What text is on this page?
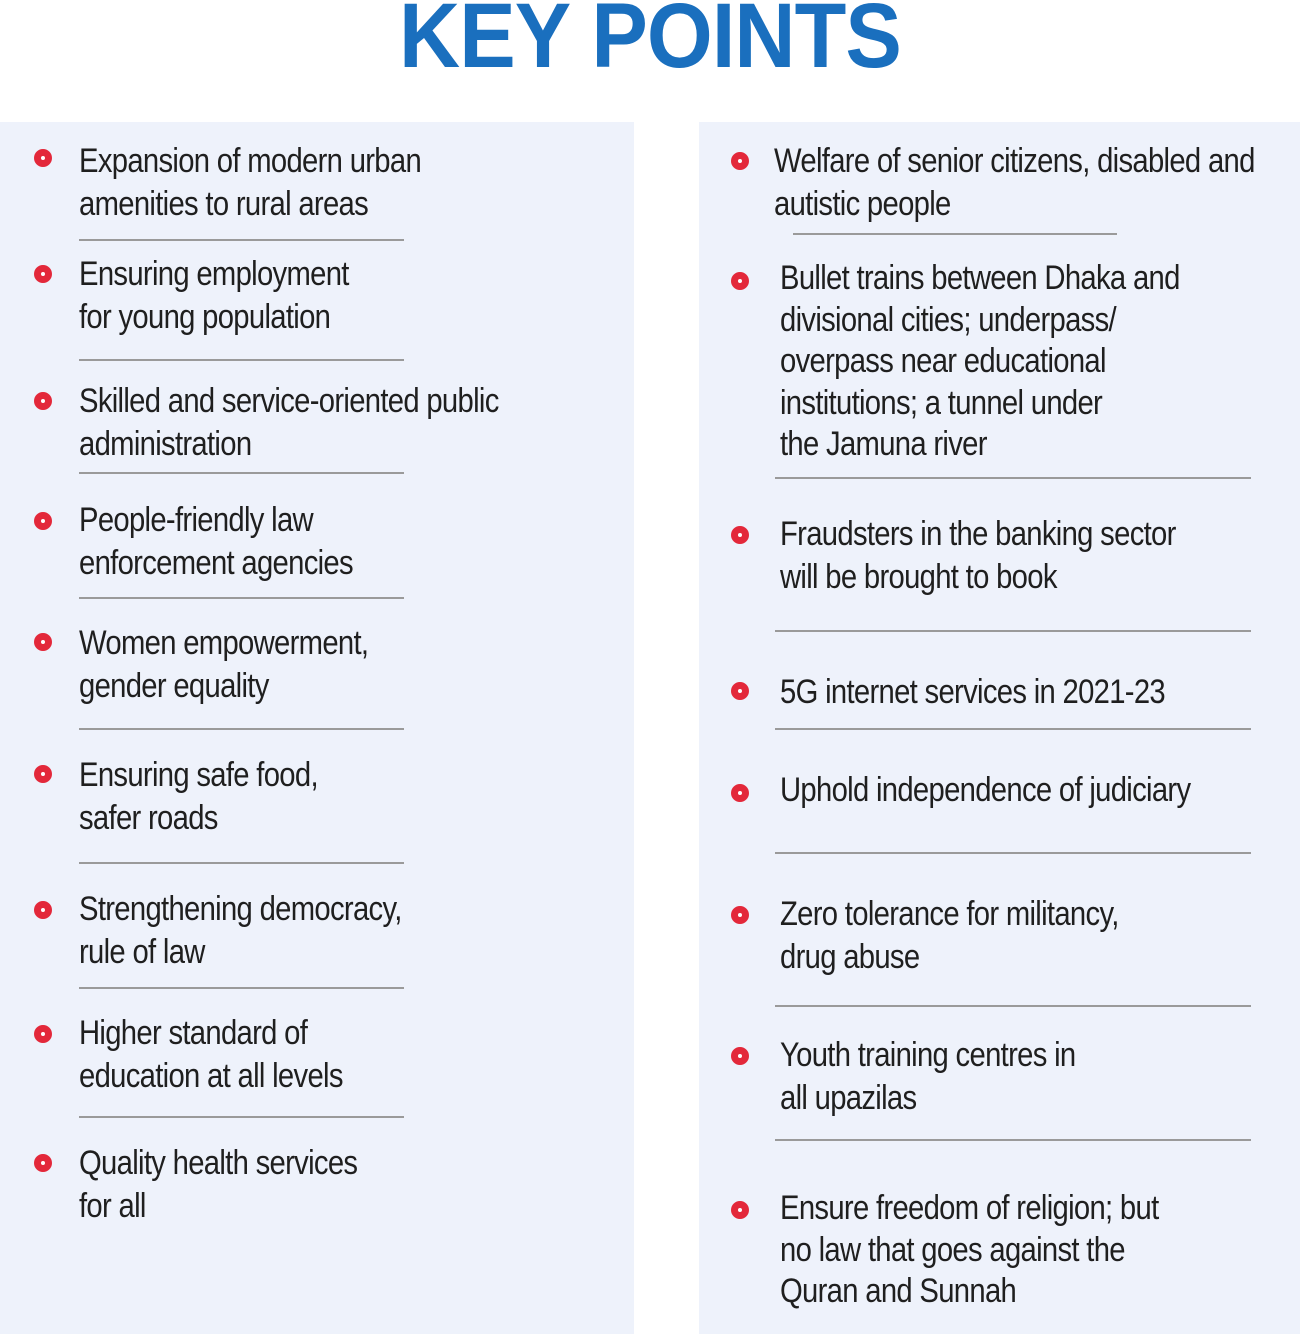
KEY POINTS

Expansion of modern urban
amenities to rural areas

Ensuring employment
for young population

Skilled and service-oriented public
administration

People-friendly law
enforcement agencies

Women empowerment,
gender equality

Ensuring safe food,
safer roads

Strengthening democracy,
rule of law

Higher standard of
education at all levels

Quality health services
for all

Welfare of senior citizens, disabled and
autistic people

Bullet trains between Dhaka and
divisional cities; underpass/
overpass near educational
institutions; a tunnel under
the Jamuna river

Fraudsters in the banking sector
will be brought to book

5G internet services in 2021-23

Uphold independence of judiciary

Zero tolerance for militancy,
drug abuse

Youth training centres in
all upazilas

Ensure freedom of religion; but
no law that goes against the
Quran and Sunnah
